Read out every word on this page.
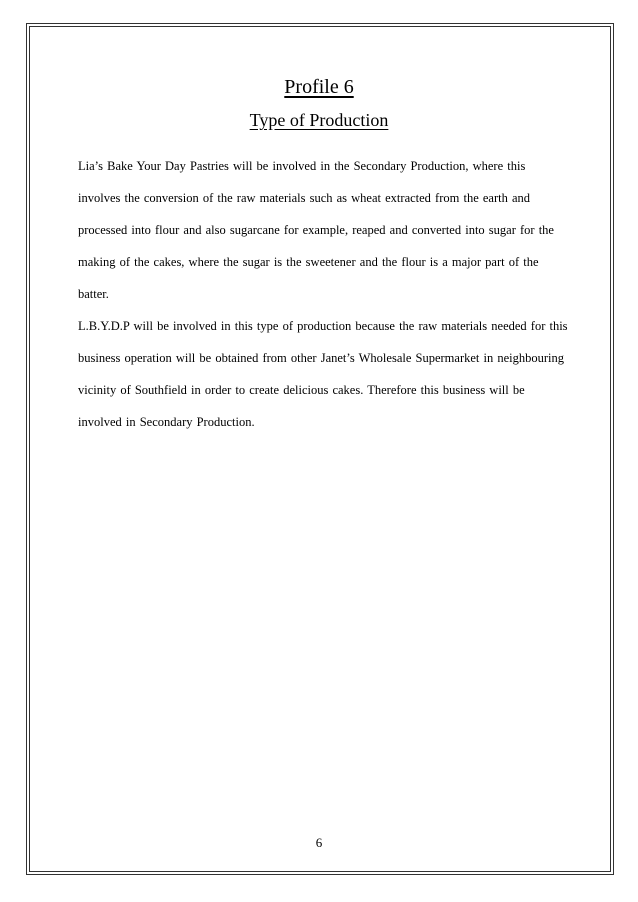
Profile 6
Type of Production

Lia’s Bake Your Day Pastries will be involved in the Secondary Production, where this involves the conversion of the raw materials such as wheat extracted from the earth and processed into flour and also sugarcane for example, reaped and converted into sugar for the making of the cakes, where the sugar is the sweetener and the flour is a major part of the batter.

L.B.Y.D.P will be involved in this type of production because the raw materials needed for this business operation will be obtained from other Janet’s Wholesale Supermarket in neighbouring vicinity of Southfield in order to create delicious cakes. Therefore this business will be involved in Secondary Production.

6
